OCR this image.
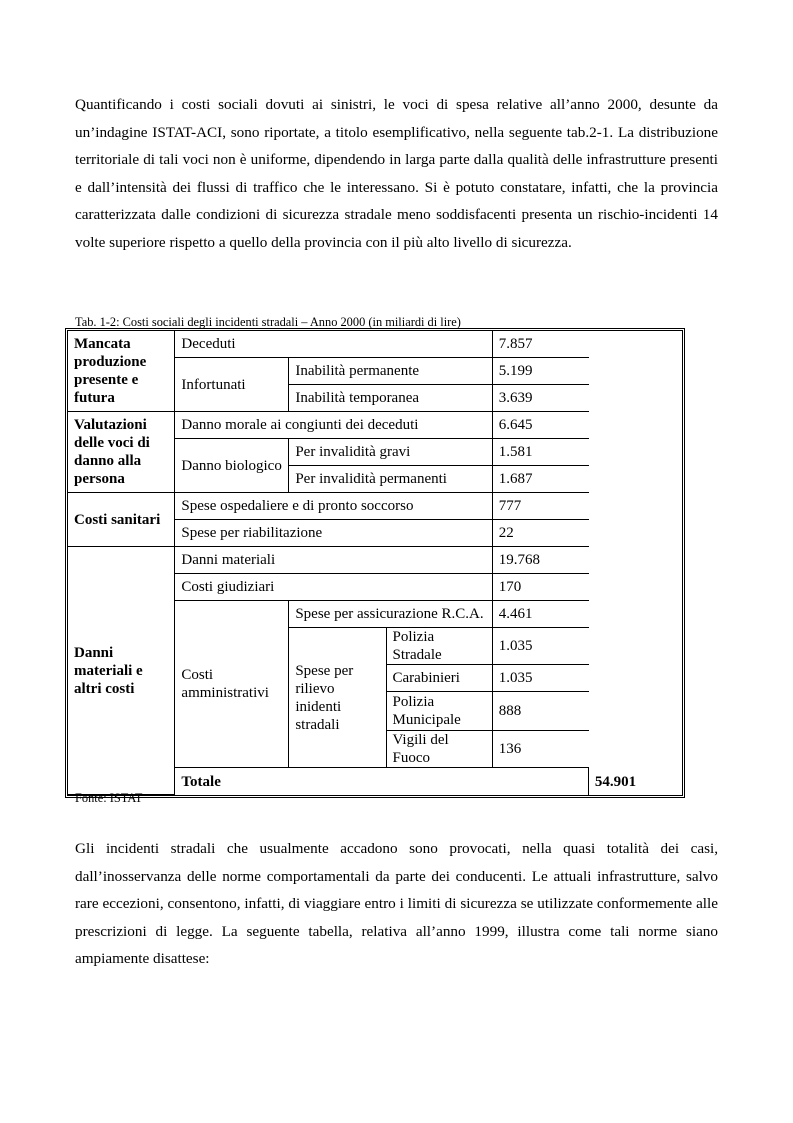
Quantificando i costi sociali dovuti ai sinistri, le voci di spesa relative all’anno 2000, desunte da un’indagine ISTAT-ACI, sono riportate, a titolo esemplificativo, nella seguente tab.2-1. La distribuzione territoriale di tali voci non è uniforme, dipendendo in larga parte dalla qualità delle infrastrutture presenti e dall’intensità dei flussi di traffico che le interessano. Si è potuto constatare, infatti, che la provincia caratterizzata dalle condizioni di sicurezza stradale meno soddisfacenti presenta un rischio-incidenti 14 volte superiore rispetto a quello della provincia con il più alto livello di sicurezza.

Tab. 1-2: Costi sociali degli incidenti stradali – Anno 2000 (in miliardi di lire)

Mancata produzione presente e futura	Deceduti			7.857	
	Infortunati	Inabilità permanente		5.199	
		Inabilità temporanea		3.639	
Valutazioni delle voci di danno alla persona	Danno morale ai congiunti dei deceduti			6.645	
	Danno biologico	Per invalidità gravi		1.581	
		Per invalidità permanenti		1.687	
Costi sanitari	Spese ospedaliere e di pronto soccorso			777	
	Spese per riabilitazione			22	
Danni materiali e altri costi	Danni materiali			19.768	
	Costi giudiziari			170	
	Costi amministrativi	Spese per assicurazione R.C.A.		4.461	
		Spese per rilievo inidenti stradali	Polizia Stradale	1.035	
			Carabinieri	1.035	
			Polizia Municipale	888	
			Vigili del Fuoco	136	
	Totale				54.901

Fonte: ISTAT

Gli incidenti stradali che usualmente accadono sono provocati, nella quasi totalità dei casi, dall’inosservanza delle norme comportamentali da parte dei conducenti. Le attuali infrastrutture, salvo rare eccezioni, consentono, infatti, di viaggiare entro i limiti di sicurezza se utilizzate conformemente alle prescrizioni di legge. La seguente tabella, relativa all’anno 1999, illustra come tali norme siano ampiamente disattese:
